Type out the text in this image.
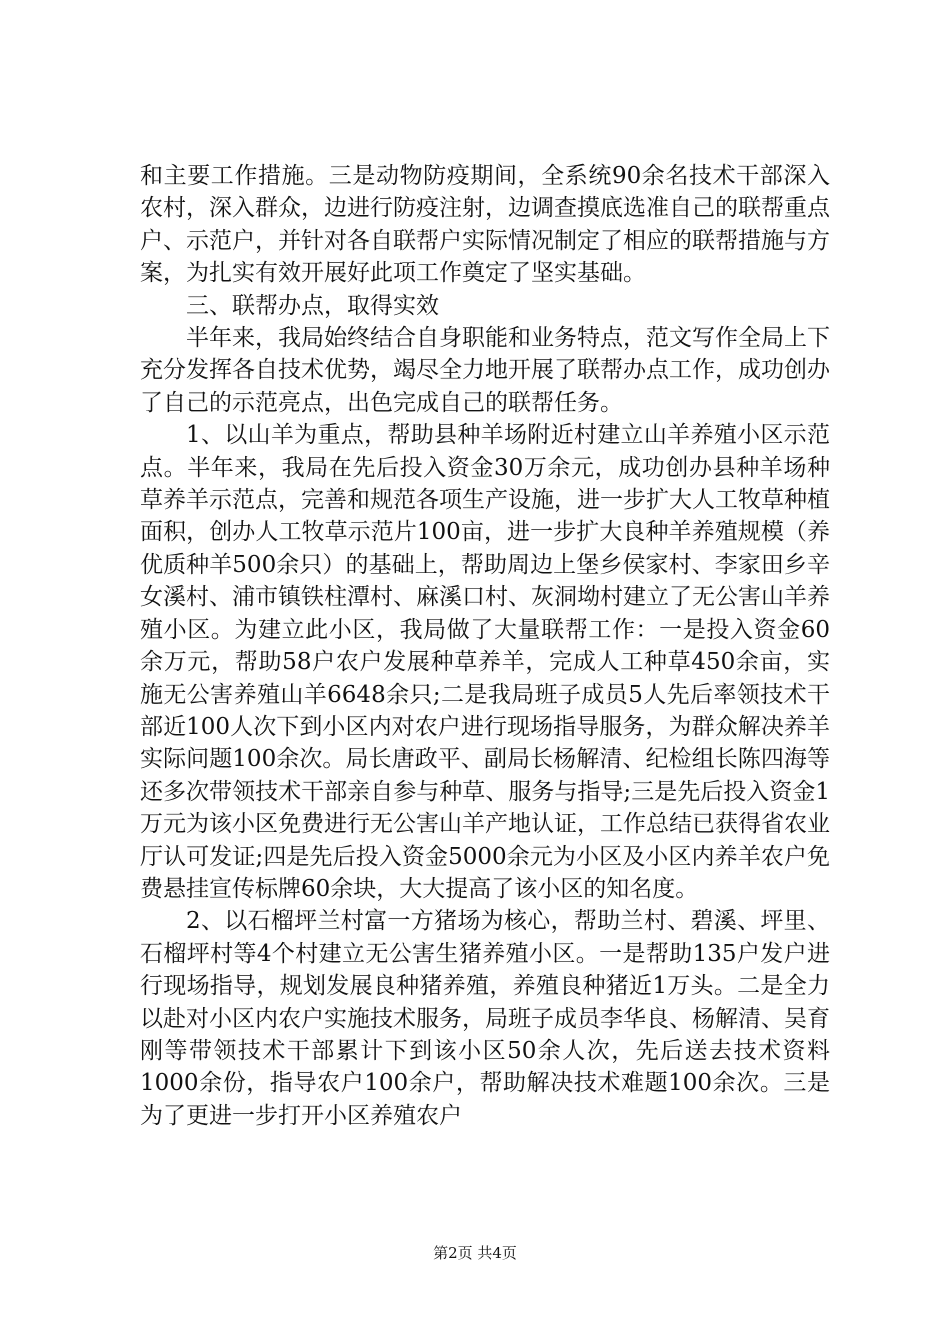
和主要工作措施。三是动物防疫期间，全系统90余名技术干部深入农村，深入群众，边进行防疫注射，边调查摸底选准自己的联帮重点户、示范户，并针对各自联帮户实际情况制定了相应的联帮措施与方案，为扎实有效开展好此项工作奠定了坚实基础。

三、联帮办点，取得实效

半年来，我局始终结合自身职能和业务特点，范文写作全局上下充分发挥各自技术优势，竭尽全力地开展了联帮办点工作，成功创办了自己的示范亮点，出色完成自己的联帮任务。

1、以山羊为重点，帮助县种羊场附近村建立山羊养殖小区示范点。半年来，我局在先后投入资金30万余元，成功创办县种羊场种草养羊示范点，完善和规范各项生产设施，进一步扩大人工牧草种植面积，创办人工牧草示范片100亩，进一步扩大良种羊养殖规模（养优质种羊500余只）的基础上，帮助周边上堡乡侯家村、李家田乡辛女溪村、浦市镇铁柱潭村、麻溪口村、灰洞坳村建立了无公害山羊养殖小区。为建立此小区，我局做了大量联帮工作：一是投入资金60余万元，帮助58户农户发展种草养羊，完成人工种草450余亩，实施无公害养殖山羊6648余只;二是我局班子成员5人先后率领技术干部近100人次下到小区内对农户进行现场指导服务，为群众解决养羊实际问题100余次。局长唐政平、副局长杨解清、纪检组长陈四海等还多次带领技术干部亲自参与种草、服务与指导;三是先后投入资金1万元为该小区免费进行无公害山羊产地认证，工作总结已获得省农业厅认可发证;四是先后投入资金5000余元为小区及小区内养羊农户免费悬挂宣传标牌60余块，大大提高了该小区的知名度。

2、以石榴坪兰村富一方猪场为核心，帮助兰村、碧溪、坪里、石榴坪村等4个村建立无公害生猪养殖小区。一是帮助135户发户进行现场指导，规划发展良种猪养殖，养殖良种猪近1万头。二是全力以赴对小区内农户实施技术服务，局班子成员李华良、杨解清、吴育刚等带领技术干部累计下到该小区50余人次，先后送去技术资料1000余份，指导农户100余户，帮助解决技术难题100余次。三是为了更进一步打开小区养殖农户

第2页 共4页
